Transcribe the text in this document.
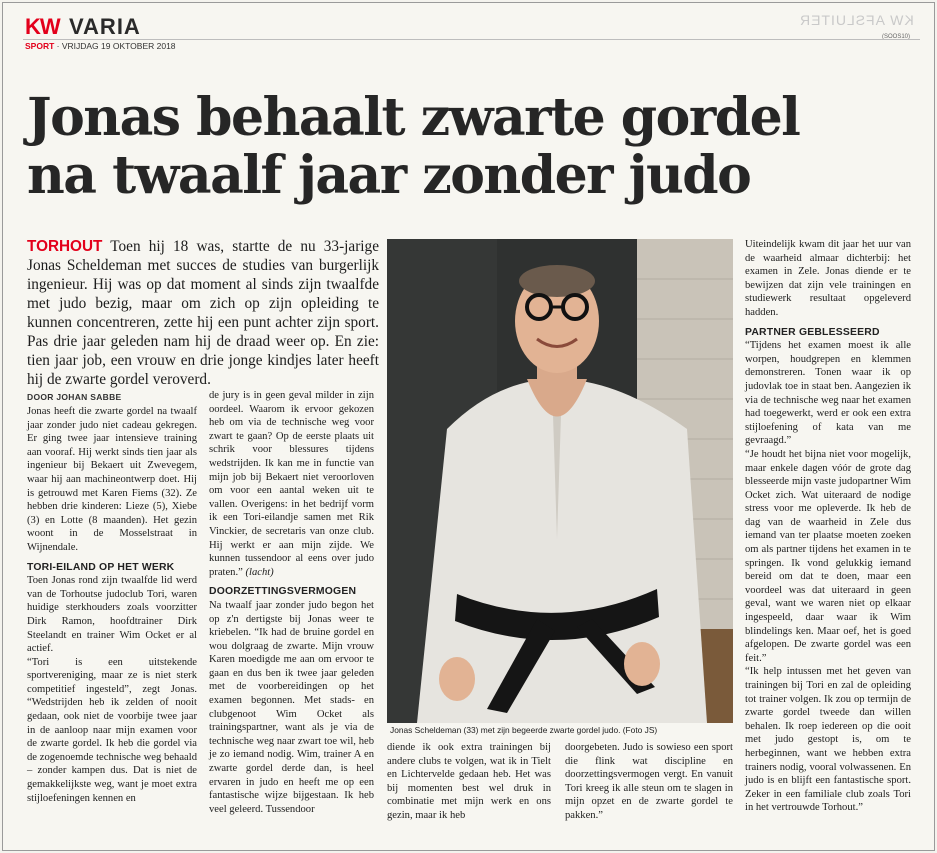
KW VARIA	KW AFSLUITER
(SOOS10)
SPORT · VRIJDAG 19 OKTOBER 2018
Jonas behaalt zwarte gordel
na twaalf jaar zonder judo
TORHOUT Toen hij 18 was, startte de nu 33-jarige Jonas Scheldeman met succes de studies van burgerlijk ingenieur. Hij was op dat moment al sinds zijn twaalfde met judo bezig, maar om zich op zijn opleiding te kunnen concentreren, zette hij een punt achter zijn sport. Pas drie jaar geleden nam hij de draad weer op. En zie: tien jaar job, een vrouw en drie jonge kindjes later heeft hij de zwarte gordel veroverd.
DOOR JOHAN SABBE

Jonas heeft die zwarte gordel na twaalf jaar zonder judo niet cadeau gekregen. Er ging twee jaar intensieve training aan vooraf. Hij werkt sinds tien jaar als ingenieur bij Bekaert uit Zwevegem, waar hij aan machineontwerp doet. Hij is getrouwd met Karen Fiems (32). Ze hebben drie kinderen: Lieze (5), Xiebe (3) en Lotte (8 maanden). Het gezin woont in de Mosselstraat in Wijnendale.

TORI-EILAND OP HET WERK

Toen Jonas rond zijn twaalfde lid werd van de Torhoutse judoclub Tori, waren huidige sterkhouders zoals voorzitter Dirk Ramon, hoofdtrainer Dirk Steelandt en trainer Wim Ocket er al actief.

“Tori is een uitstekende sportvereniging, maar ze is niet sterk competitief ingesteld”, zegt Jonas. “Wedstrijden heb ik zelden of nooit gedaan, ook niet de voorbije twee jaar in de aanloop naar mijn examen voor de zwarte gordel. Ik heb die gordel via de zogenoemde technische weg behaald – zonder kampen dus. Dat is niet de gemakkelijkste weg, want je moet extra stijloefeningen kennen en

de jury is in geen geval milder in zijn oordeel. Waarom ik ervoor gekozen heb om via de technische weg voor zwart te gaan? Op de eerste plaats uit schrik voor blessures tijdens wedstrijden. Ik kan me in functie van mijn job bij Bekaert niet veroorloven om voor een aantal weken uit te vallen. Overigens: in het bedrijf vorm ik een Tori-eilandje samen met Rik Vinckier, de secretaris van onze club. Hij werkt er aan mijn zijde. We kunnen tussendoor al eens over judo praten.” (lacht)

DOORZETTINGSVERMOGEN

Na twaalf jaar zonder judo begon het op z'n dertigste bij Jonas weer te kriebelen. “Ik had de bruine gordel en wou dolgraag de zwarte. Mijn vrouw Karen moedigde me aan om ervoor te gaan en dus ben ik twee jaar geleden met de voorbereidingen op het examen begonnen. Met stads- en clubgenoot Wim Ocket als trainingspartner, want als je via de technische weg naar zwart toe wil, heb je zo iemand nodig. Wim, trainer A en zwarte gordel derde dan, is heel ervaren in judo en heeft me op een fantastische wijze bijgestaan. Ik heb veel geleerd. Tussendoor

Jonas Scheldeman (33) met zijn begeerde zwarte gordel judo. (Foto JS)

diende ik ook extra trainingen bij andere clubs te volgen, wat ik in Tielt en Lichtervelde gedaan heb. Het was bij momenten best wel druk in combinatie met mijn werk en ons gezin, maar ik heb

doorgebeten. Judo is sowieso een sport die flink wat discipline en doorzettingsvermogen vergt. En vanuit Tori kreeg ik alle steun om te slagen in mijn opzet en de zwarte gordel te pakken.”

Uiteindelijk kwam dit jaar het uur van de waarheid almaar dichterbij: het examen in Zele. Jonas diende er te bewijzen dat zijn vele trainingen en studiewerk resultaat opgeleverd hadden.

PARTNER GEBLESSEERD

“Tijdens het examen moest ik alle worpen, houdgrepen en klemmen demonstreren. Tonen waar ik op judovlak toe in staat ben. Aangezien ik via de technische weg naar het examen had toegewerkt, werd er ook een extra stijloefening of kata van me gevraagd.”

“Je houdt het bijna niet voor mogelijk, maar enkele dagen vóór de grote dag blesseerde mijn vaste judopartner Wim Ocket zich. Wat uiteraard de nodige stress voor me opleverde. Ik heb de dag van de waarheid in Zele dus iemand van ter plaatse moeten zoeken om als partner tijdens het examen in te springen. Ik vond gelukkig iemand bereid om dat te doen, maar een voordeel was dat uiteraard in geen geval, want we waren niet op elkaar ingespeeld, daar waar ik Wim blindelings ken. Maar oef, het is goed afgelopen. De zwarte gordel was een feit.”

“Ik help intussen met het geven van trainingen bij Tori en zal de opleiding tot trainer volgen. Ik zou op termijn de zwarte gordel tweede dan willen behalen. Ik roep iedereen op die ooit met judo gestopt is, om te herbeginnen, want we hebben extra trainers nodig, vooral volwassenen. En judo is en blijft een fantastische sport. Zeker in een familiale club zoals Tori in het vertrouwde Torhout.”
